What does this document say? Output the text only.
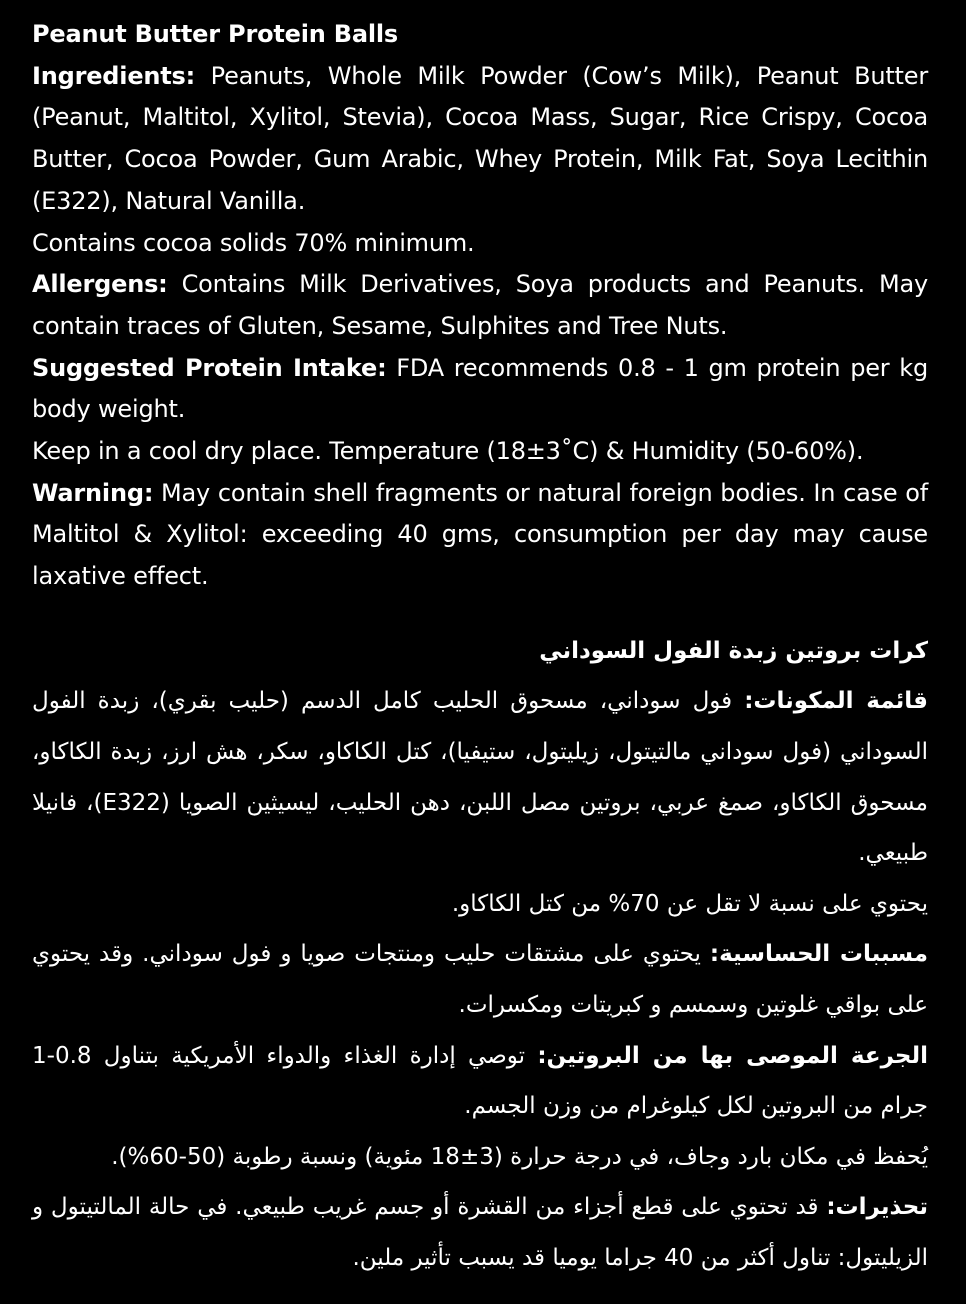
Peanut Butter Protein Balls

Ingredients: Peanuts, Whole Milk Powder (Cow’s Milk), Peanut Butter (Peanut, Maltitol, Xylitol, Stevia), Cocoa Mass, Sugar, Rice Crispy, Cocoa Butter, Cocoa Powder, Gum Arabic, Whey Protein, Milk Fat, Soya Lecithin (E322), Natural Vanilla.

Contains cocoa solids 70% minimum.

Allergens: Contains Milk Derivatives, Soya products and Peanuts. May contain traces of Gluten, Sesame, Sulphites and Tree Nuts.

Suggested Protein Intake: FDA recommends 0.8 - 1 gm protein per kg body weight.

Keep in a cool dry place. Temperature (18±3˚C) & Humidity (50-60%).

Warning: May contain shell fragments or natural foreign bodies. In case of Maltitol & Xylitol: exceeding 40 gms, consumption per day may cause laxative effect.

كرات بروتين زبدة الفول السوداني

قائمة المكونات: فول سوداني، مسحوق الحليب كامل الدسم (حليب بقري)، زبدة الفول السوداني (فول سوداني مالتيتول، زيليتول، ستيفيا)، كتل الكاكاو، سكر، هش ارز، زبدة الكاكاو، مسحوق الكاكاو، صمغ عربي، بروتين مصل اللبن، دهن الحليب، ليسيثين الصويا (E322)، فانيلا طبيعي.

يحتوي على نسبة لا تقل عن 70% من كتل الكاكاو.

مسببات الحساسية: يحتوي على مشتقات حليب ومنتجات صويا و فول سوداني. وقد يحتوي على بواقي غلوتين وسمسم و كبريتات ومكسرات.

الجرعة الموصى بها من البروتين: توصي إدارة الغذاء والدواء الأمريكية بتناول 0.8-1 جرام من البروتين لكل كيلوغرام من وزن الجسم.

يُحفظ في مكان بارد وجاف، في درجة حرارة (3±18 مئوية) ونسبة رطوبة (50-60%).

تحذيرات: قد تحتوي على قطع أجزاء من القشرة أو جسم غريب طبيعي. في حالة المالتيتول و الزيليتول: تناول أكثر من 40 جراما يوميا قد يسبب تأثير ملين.
